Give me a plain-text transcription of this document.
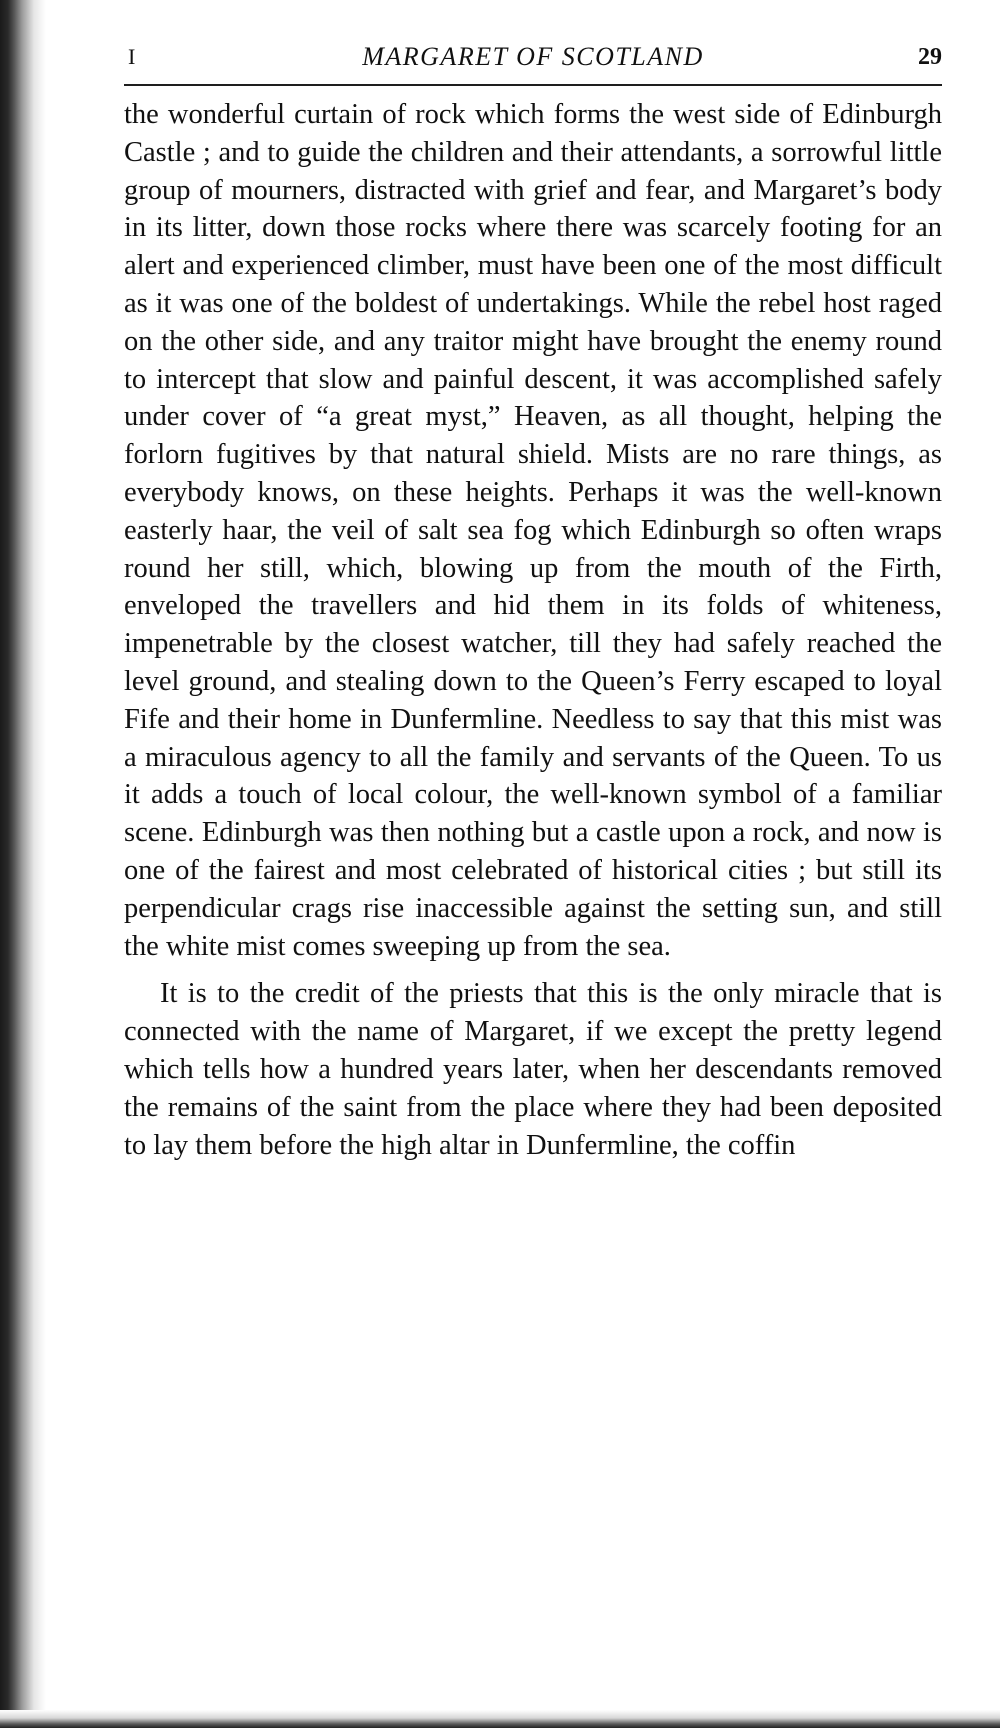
I	MARGARET OF SCOTLAND	29

the wonderful curtain of rock which forms the west side of Edinburgh Castle ; and to guide the children and their attendants, a sorrowful little group of mourners, distracted with grief and fear, and Margaret’s body in its litter, down those rocks where there was scarcely footing for an alert and experienced climber, must have been one of the most difficult as it was one of the boldest of undertakings. While the rebel host raged on the other side, and any traitor might have brought the enemy round to intercept that slow and painful descent, it was accomplished safely under cover of “a great myst,” Heaven, as all thought, helping the forlorn fugitives by that natural shield. Mists are no rare things, as everybody knows, on these heights. Perhaps it was the well-known easterly haar, the veil of salt sea fog which Edinburgh so often wraps round her still, which, blowing up from the mouth of the Firth, enveloped the travellers and hid them in its folds of whiteness, impenetrable by the closest watcher, till they had safely reached the level ground, and stealing down to the Queen’s Ferry escaped to loyal Fife and their home in Dunfermline. Needless to say that this mist was a miraculous agency to all the family and servants of the Queen. To us it adds a touch of local colour, the well-known symbol of a familiar scene. Edinburgh was then nothing but a castle upon a rock, and now is one of the fairest and most celebrated of historical cities ; but still its perpendicular crags rise inaccessible against the setting sun, and still the white mist comes sweeping up from the sea.

It is to the credit of the priests that this is the only miracle that is connected with the name of Margaret, if we except the pretty legend which tells how a hundred years later, when her descendants removed the remains of the saint from the place where they had been deposited to lay them before the high altar in Dunfermline, the coffin
